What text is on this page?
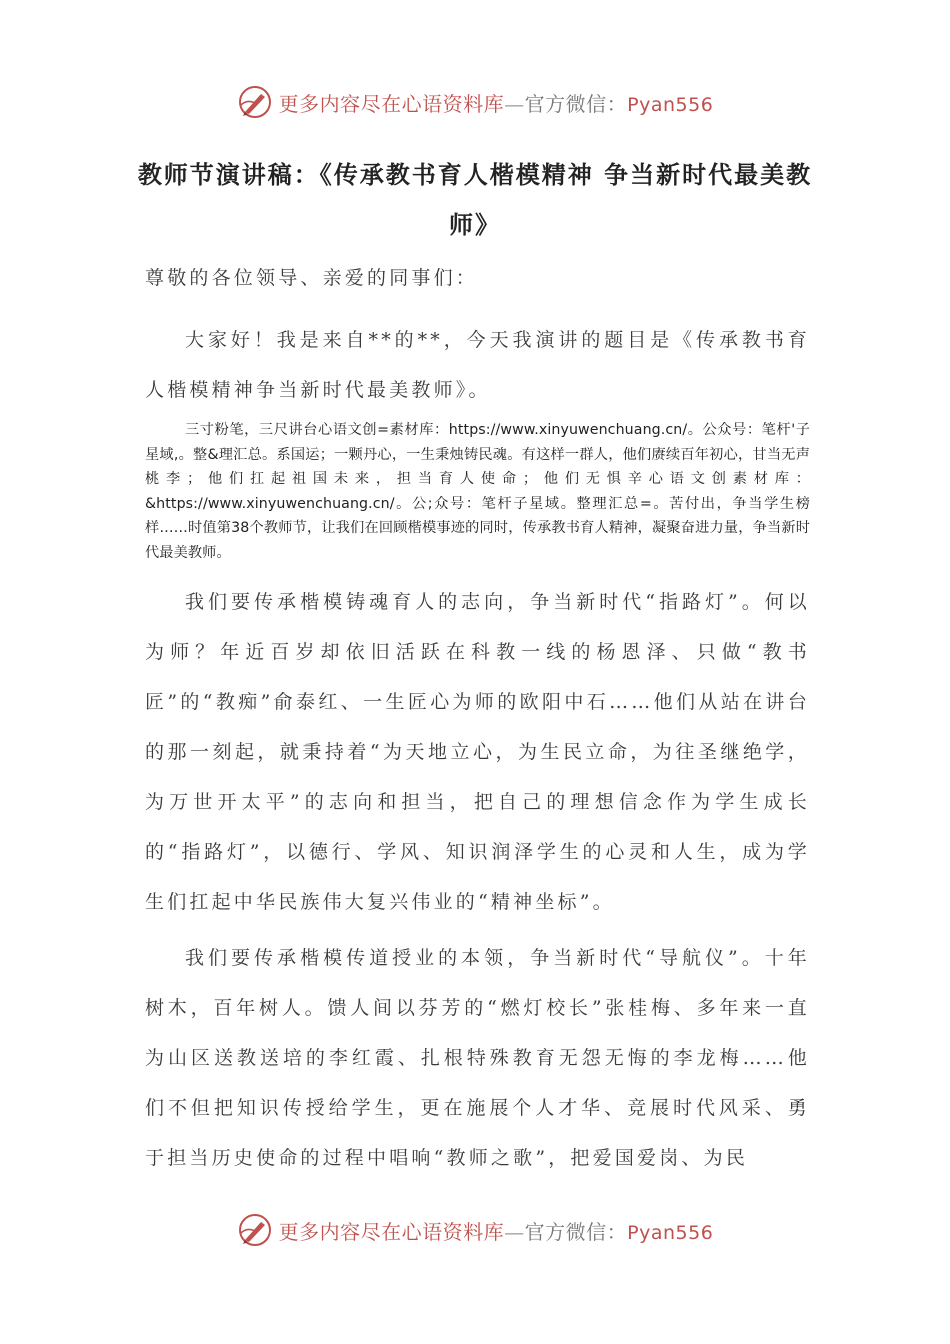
更多内容尽在心语资料库—官方微信：Pyan556
教师节演讲稿：《传承教书育人楷模精神 争当新时代最美教师》

尊敬的各位领导、亲爱的同事们：

大家好！我是来自**的**，今天我演讲的题目是《传承教书育人楷模精神争当新时代最美教师》。

三寸粉笔，三尺讲台心语文创=素材库：https://www.xinyuwenchuang.cn/。公众号：笔杆'子星域,。整&理汇总。系国运；一颗丹心，一生秉烛铸民魂。有这样一群人，他们赓续百年初心，甘当无声桃李；他们扛起祖国未来，担当育人使命；他们无惧辛心语文创素材库：&https://www.xinyuwenchuang.cn/。公;众号：笔杆子星域。整理汇总=。苦付出，争当学生榜样……时值第38个教师节，让我们在回顾楷模事迹的同时，传承教书育人精神，凝聚奋进力量，争当新时代最美教师。

我们要传承楷模铸魂育人的志向，争当新时代“指路灯”。何以为师？年近百岁却依旧活跃在科教一线的杨恩泽、只做“教书匠”的“教痴”俞泰红、一生匠心为师的欧阳中石……他们从站在讲台的那一刻起，就秉持着“为天地立心，为生民立命，为往圣继绝学，为万世开太平”的志向和担当，把自己的理想信念作为学生成长的“指路灯”，以德行、学风、知识润泽学生的心灵和人生，成为学生们扛起中华民族伟大复兴伟业的“精神坐标”。

我们要传承楷模传道授业的本领，争当新时代“导航仪”。十年树木，百年树人。馈人间以芬芳的“燃灯校长”张桂梅、多年来一直为山区送教送培的李红霞、扎根特殊教育无怨无悔的李龙梅……他们不但把知识传授给学生，更在施展个人才华、竞展时代风采、勇于担当历史使命的过程中唱响“教师之歌”，把爱国爱岗、为民

更多内容尽在心语资料库—官方微信：Pyan556
